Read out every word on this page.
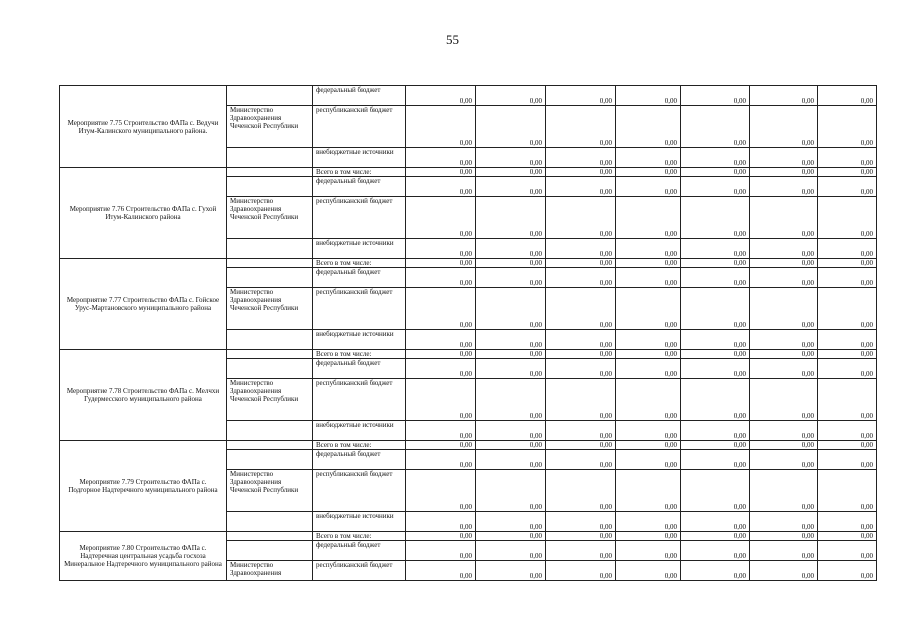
55
Мероприятие 7.75 Строительство ФАПа с. Ведучи Итум-Калинского муниципального района.		федеральный бюджет	0,00	0,00	0,00	0,00	0,00	0,00	0,00
	Министерство Здравоохранения Чеченской Республики	республиканский бюджет	0,00	0,00	0,00	0,00	0,00	0,00	0,00
		внебюджетные источники	0,00	0,00	0,00	0,00	0,00	0,00	0,00
Мероприятие 7.76 Строительство ФАПа с. Гухой Итум-Калинского района		Всего в том числе:	0,00	0,00	0,00	0,00	0,00	0,00	0,00
		федеральный бюджет	0,00	0,00	0,00	0,00	0,00	0,00	0,00
	Министерство Здравоохранения Чеченской Республики	республиканский бюджет	0,00	0,00	0,00	0,00	0,00	0,00	0,00
		внебюджетные источники	0,00	0,00	0,00	0,00	0,00	0,00	0,00
Мероприятие 7.77 Строительство ФАПа с. Гойское Урус-Мартановского муниципального района		Всего в том числе:	0,00	0,00	0,00	0,00	0,00	0,00	0,00
		федеральный бюджет	0,00	0,00	0,00	0,00	0,00	0,00	0,00
	Министерство Здравоохранения Чеченской Республики	республиканский бюджет	0,00	0,00	0,00	0,00	0,00	0,00	0,00
		внебюджетные источники	0,00	0,00	0,00	0,00	0,00	0,00	0,00
Мероприятие 7.78 Строительство ФАПа с. Мелчхи Гудермесского муниципального района		Всего в том числе:	0,00	0,00	0,00	0,00	0,00	0,00	0,00
		федеральный бюджет	0,00	0,00	0,00	0,00	0,00	0,00	0,00
	Министерство Здравоохранения Чеченской Республики	республиканский бюджет	0,00	0,00	0,00	0,00	0,00	0,00	0,00
		внебюджетные источники	0,00	0,00	0,00	0,00	0,00	0,00	0,00
Мероприятие 7.79 Строительство ФАПа с. Подгорное Надтеречного муниципального района		Всего в том числе:	0,00	0,00	0,00	0,00	0,00	0,00	0,00
		федеральный бюджет	0,00	0,00	0,00	0,00	0,00	0,00	0,00
	Министерство Здравоохранения Чеченской Республики	республиканский бюджет	0,00	0,00	0,00	0,00	0,00	0,00	0,00
		внебюджетные источники	0,00	0,00	0,00	0,00	0,00	0,00	0,00
Мероприятие 7.80 Строительство ФАПа с. Надтеречная центральная усадьба госхоза Минеральное Надтеречного муниципального района		Всего в том числе:	0,00	0,00	0,00	0,00	0,00	0,00	0,00
		федеральный бюджет	0,00	0,00	0,00	0,00	0,00	0,00	0,00
	Министерство Здравоохранения	республиканский бюджет	0,00	0,00	0,00	0,00	0,00	0,00	0,00
